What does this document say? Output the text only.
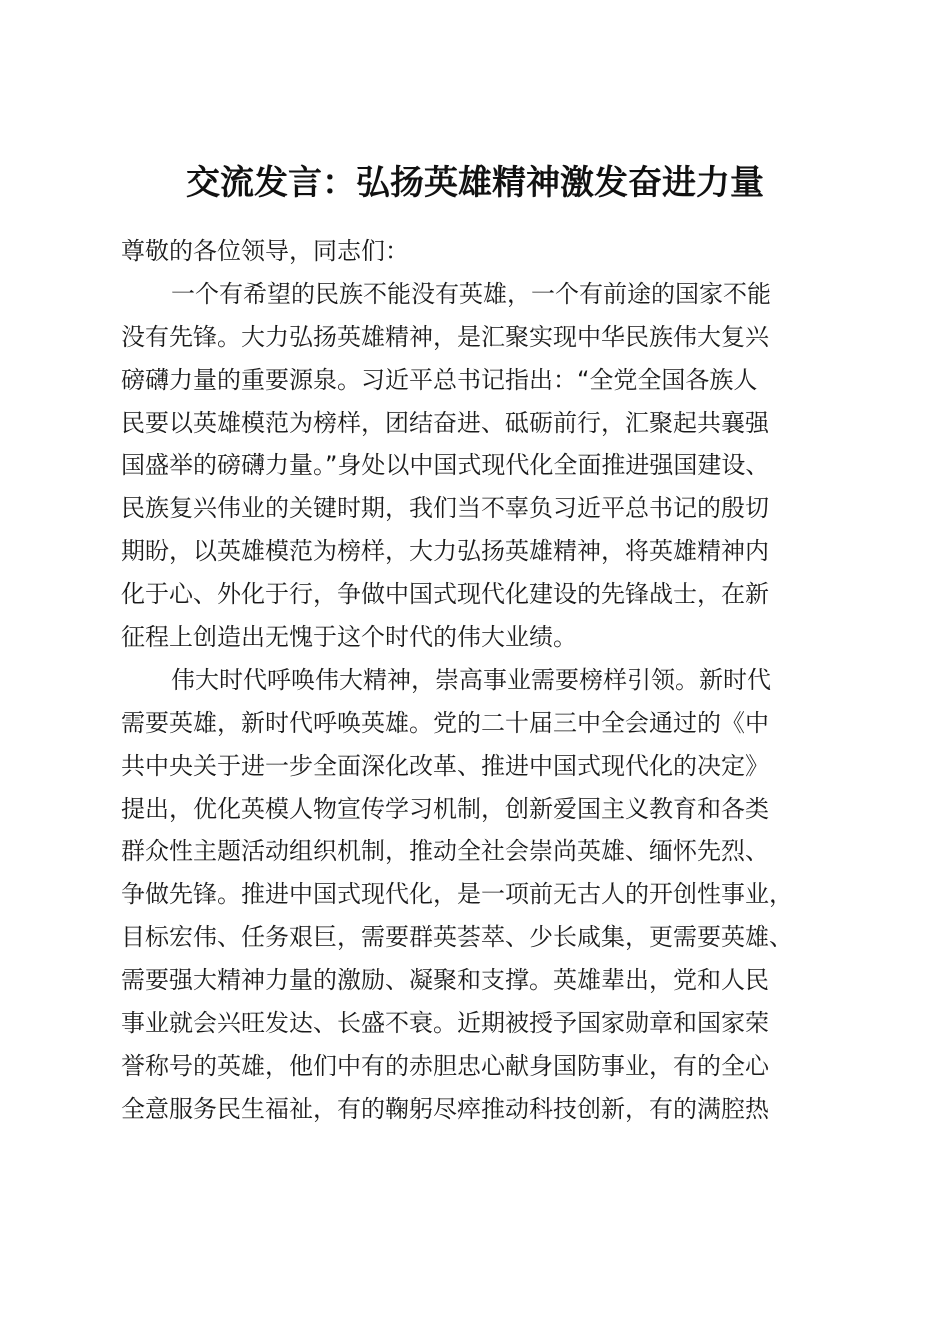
交流发言：弘扬英雄精神激发奋进力量
尊敬的各位领导，同志们：
一个有希望的民族不能没有英雄，一个有前途的国家不能
没有先锋。大力弘扬英雄精神，是汇聚实现中华民族伟大复兴
磅礴力量的重要源泉。习近平总书记指出：“全党全国各族人
民要以英雄模范为榜样，团结奋进、砥砺前行，汇聚起共襄强
国盛举的磅礴力量。”身处以中国式现代化全面推进强国建设、
民族复兴伟业的关键时期，我们当不辜负习近平总书记的殷切
期盼，以英雄模范为榜样，大力弘扬英雄精神，将英雄精神内
化于心、外化于行，争做中国式现代化建设的先锋战士，在新
征程上创造出无愧于这个时代的伟大业绩。
伟大时代呼唤伟大精神，崇高事业需要榜样引领。新时代
需要英雄，新时代呼唤英雄。党的二十届三中全会通过的《中
共中央关于进一步全面深化改革、推进中国式现代化的决定》
提出，优化英模人物宣传学习机制，创新爱国主义教育和各类
群众性主题活动组织机制，推动全社会崇尚英雄、缅怀先烈、
争做先锋。推进中国式现代化，是一项前无古人的开创性事业，
目标宏伟、任务艰巨，需要群英荟萃、少长咸集，更需要英雄、
需要强大精神力量的激励、凝聚和支撑。英雄辈出，党和人民
事业就会兴旺发达、长盛不衰。近期被授予国家勋章和国家荣
誉称号的英雄，他们中有的赤胆忠心献身国防事业，有的全心
全意服务民生福祉，有的鞠躬尽瘁推动科技创新，有的满腔热
